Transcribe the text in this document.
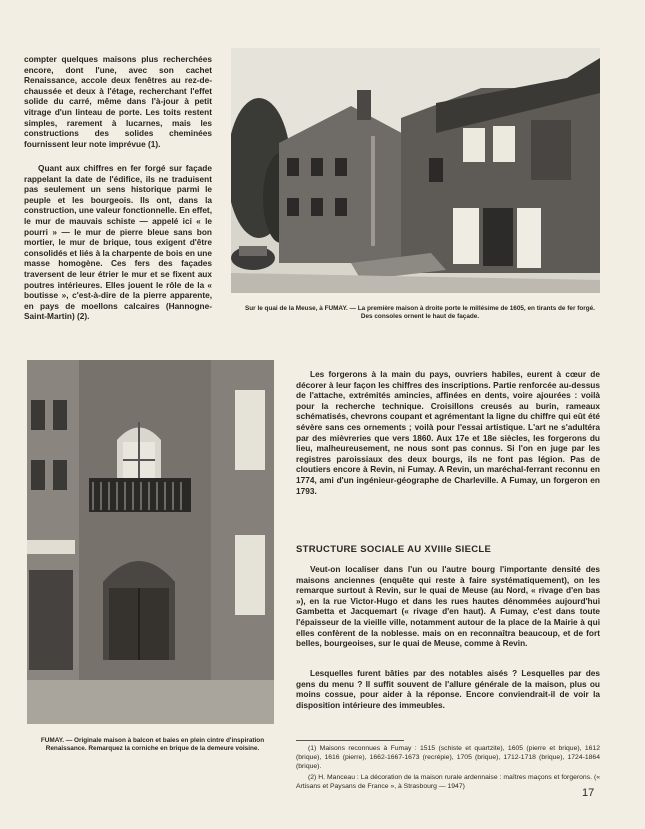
compter quelques maisons plus recherchées encore, dont l'une, avec son cachet Renaissance, accole deux fenêtres au rez-de-chaussée et deux à l'étage, recherchant l'effet solide du carré, même dans l'à-jour à petit vitrage d'un linteau de porte. Les toits restent simples, rarement à lucarnes, mais les constructions des solides cheminées fournissent leur note imprévue (1).

Quant aux chiffres en fer forgé sur façade rappelant la date de l'édifice, ils ne traduisent pas seulement un sens historique parmi le peuple et les bourgeois. Ils ont, dans la construction, une valeur fonctionnelle. En effet, le mur de mauvais schiste — appelé ici « le pourri » — le mur de pierre bleue sans bon mortier, le mur de brique, tous exigent d'être consolidés et liés à la charpente de bois en une masse homogène. Ces fers des façades traversent de leur étrier le mur et se fixent aux poutres intérieures. Elles jouent le rôle de la « boutisse », c'est-à-dire de la pierre apparente, en pays de moellons calcaires (Hannogne-Saint-Martin) (2).

Sur le quai de la Meuse, à FUMAY. — La première maison à droite porte le millésime de 1605, en tirants de fer forgé. Des consoles ornent le haut de façade.

FUMAY. — Originale maison à balcon et baies en plein cintre d'inspiration Renaissance. Remarquez la corniche en brique de la demeure voisine.

Les forgerons à la main du pays, ouvriers habiles, eurent à cœur de décorer à leur façon les chiffres des inscriptions. Partie renforcée au-dessus de l'attache, extrémités amincies, affinées en dents, voire ajourées : voilà pour la recherche technique. Croisillons creusés au burin, rameaux schématisés, chevrons coupant et agrémentant la ligne du chiffre qui eût été sévère sans ces ornements ; voilà pour l'essai artistique. L'art ne s'adultéra par des mièvreries que vers 1860. Aux 17e et 18e siècles, les forgerons du lieu, malheureusement, ne nous sont pas connus. Si l'on en juge par les registres paroissiaux des deux bourgs, ils ne font pas légion. Pas de cloutiers encore à Revin, ni Fumay. A Revin, un maréchal-ferrant reconnu en 1774, ami d'un ingénieur-géographe de Charleville. A Fumay, un forgeron en 1793.

STRUCTURE SOCIALE AU XVIIIe SIECLE

Veut-on localiser dans l'un ou l'autre bourg l'importante densité des maisons anciennes (enquête qui reste à faire systématiquement), on les remarque surtout à Revin, sur le quai de Meuse (au Nord, « rivage d'en bas »), en la rue Victor-Hugo et dans les rues hautes dénommées aujourd'hui Gambetta et Jacquemart (« rivage d'en haut). A Fumay, c'est dans toute l'épaisseur de la vieille ville, notamment autour de la place de la Mairie à qui elles confèrent de la noblesse. mais on en reconnaîtra beaucoup, et de fort belles, bourgeoises, sur le quai de Meuse, comme à Revin.

Lesquelles furent bâties par des notables aisés ? Lesquelles par des gens du menu ? Il suffit souvent de l'allure générale de la maison, plus ou moins cossue, pour aider à la réponse. Encore conviendrait-il de voir la disposition intérieure des immeubles.

(1) Maisons reconnues à Fumay : 1515 (schiste et quartzite), 1605 (pierre et brique), 1612 (brique), 1616 (pierre), 1662-1667-1673 (recrépie), 1705 (brique), 1712-1718 (brique), 1724-1864 (brique).

(2) H. Manceau : La décoration de la maison rurale ardennaise : maîtres maçons et forgerons. (« Artisans et Paysans de France », à Strasbourg — 1947)

17
